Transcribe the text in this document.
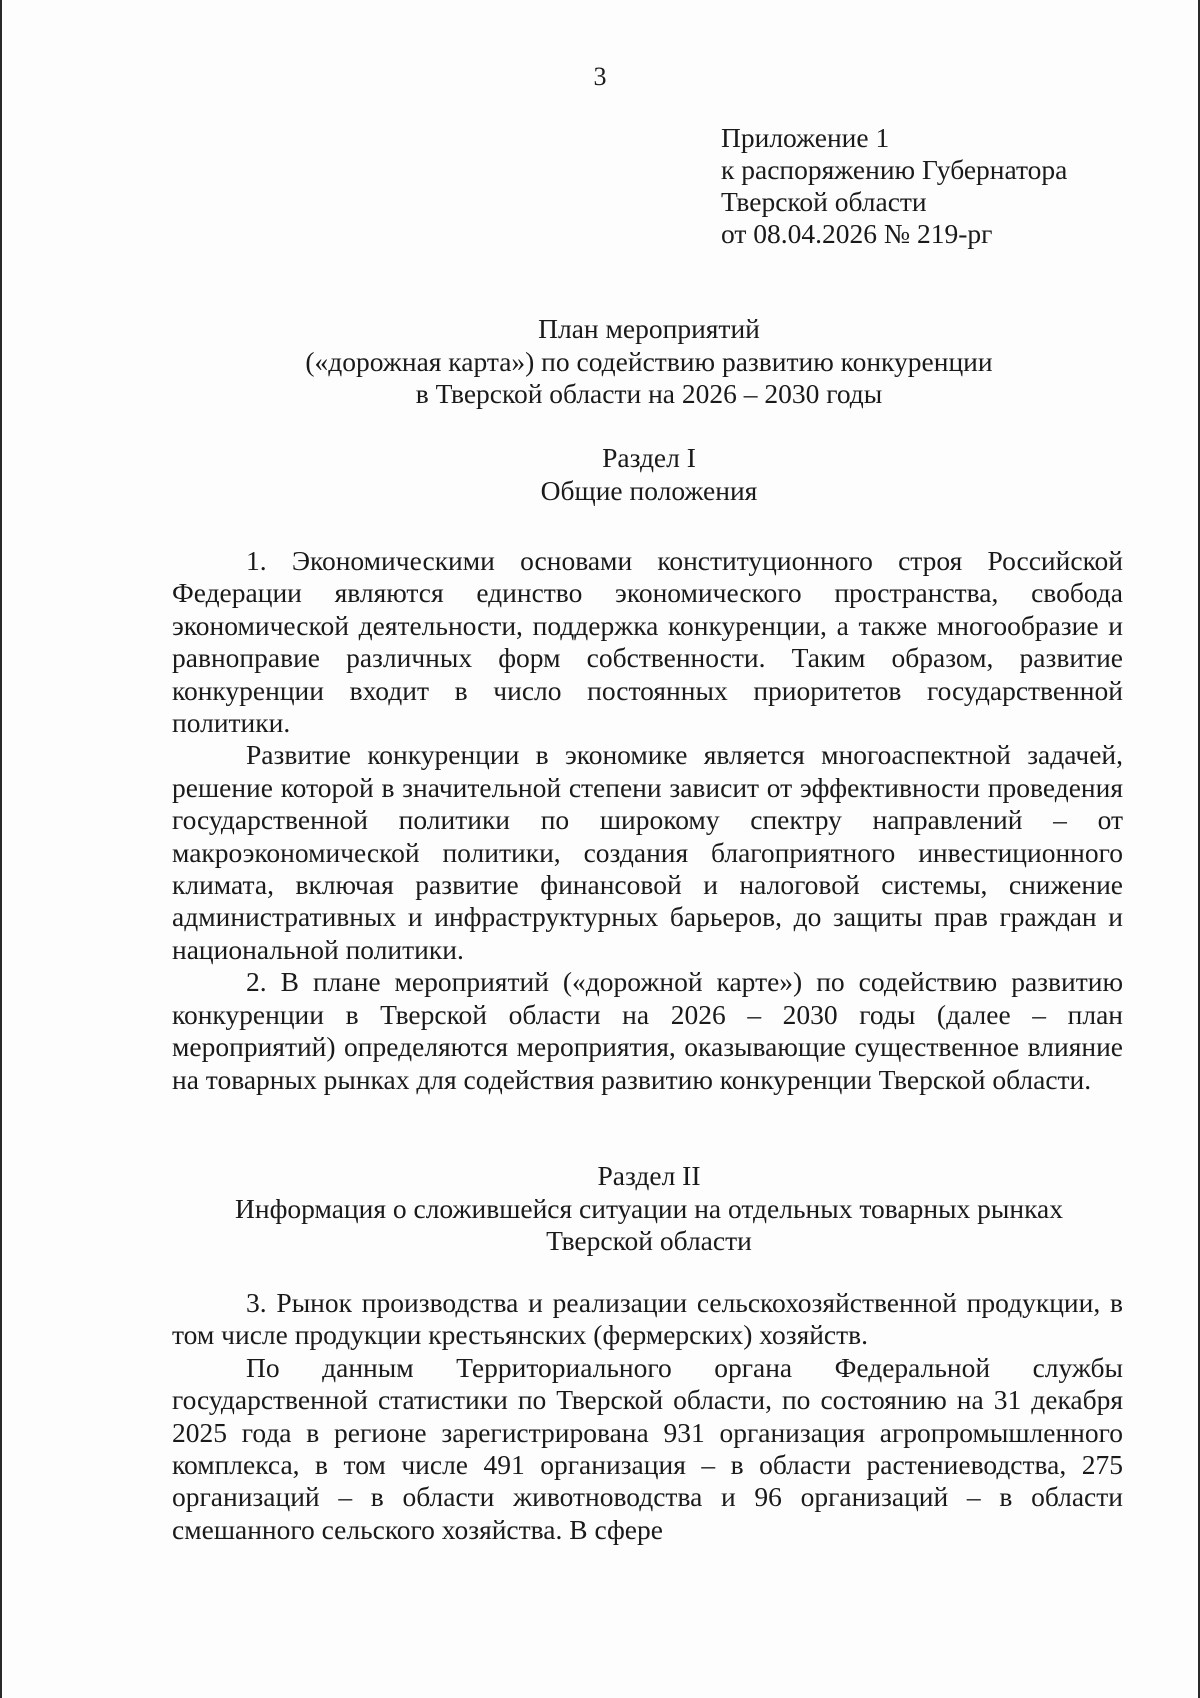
3
Приложение 1
к распоряжению Губернатора
Тверской области
от 08.04.2026 № 219-рг
План мероприятий
(«дорожная карта») по содействию развитию конкуренции
в Тверской области на 2026 – 2030 годы
Раздел I
Общие положения

1. Экономическими основами конституционного строя Российской Федерации являются единство экономического пространства, свобода экономической деятельности, поддержка конкуренции, а также многообразие и равноправие различных форм собственности. Таким образом, развитие конкуренции входит в число постоянных приоритетов государственной политики.

Развитие конкуренции в экономике является многоаспектной задачей, решение которой в значительной степени зависит от эффективности проведения государственной политики по широкому спектру направлений – от макроэкономической политики, создания благоприятного инвестиционного климата, включая развитие финансовой и налоговой системы, снижение административных и инфраструктурных барьеров, до защиты прав граждан и национальной политики.

2. В плане мероприятий («дорожной карте») по содействию развитию конкуренции в Тверской области на 2026 – 2030 годы (далее – план мероприятий) определяются мероприятия, оказывающие существенное влияние на товарных рынках для содействия развитию конкуренции Тверской области.

Раздел II
Информация о сложившейся ситуации на отдельных товарных рынках
Тверской области

3. Рынок производства и реализации сельскохозяйственной продукции, в том числе продукции крестьянских (фермерских) хозяйств.

По данным Территориального органа Федеральной службы государственной статистики по Тверской области, по состоянию на 31 декабря 2025 года в регионе зарегистрирована 931 организация агропромышленного комплекса, в том числе 491 организация – в области растениеводства, 275 организаций – в области животноводства и 96 организаций – в области смешанного сельского хозяйства. В сфере
